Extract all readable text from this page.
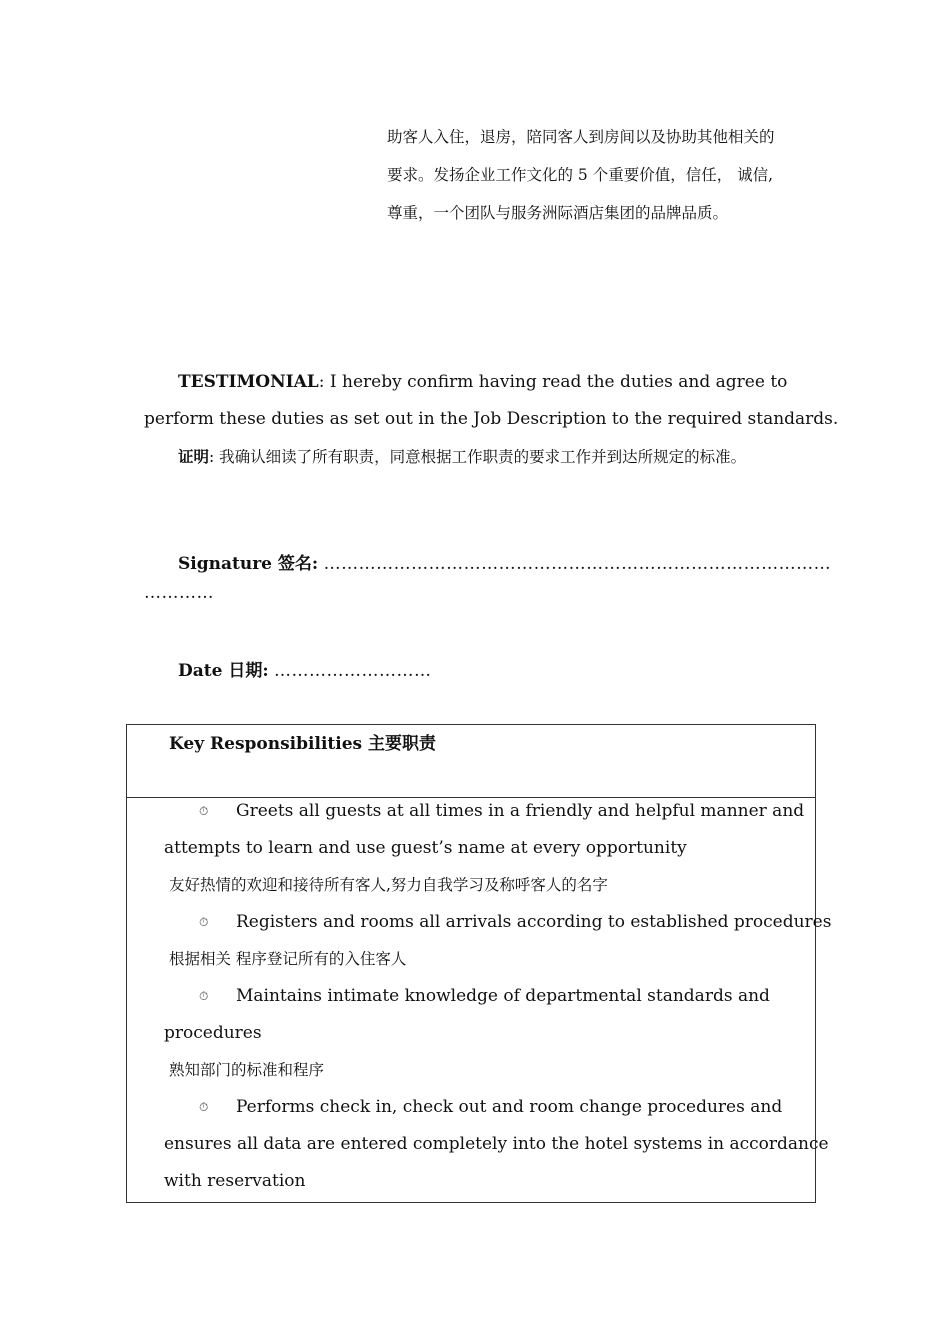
助客人入住，退房，陪同客人到房间以及协助其他相关的
要求。发扬企业工作文化的 5 个重要价值，信任， 诚信,
尊重，一个团队与服务洲际酒店集团的品牌品质。
TESTIMONIAL: I hereby confirm having read the duties and agree to
perform these duties as set out in the Job Description to the required standards.
证明: 我确认细读了所有职责，同意根据工作职责的要求工作并到达所规定的标准。
Signature 签名: ……………………………………………………………………………
…………
Date 日期: ………………………
Key Responsibilities 主要职责

⏱ Greets all guests at all times in a friendly and helpful manner and
attempts to learn and use guest’s name at every opportunity
友好热情的欢迎和接待所有客人,努力自我学习及称呼客人的名字
⏱ Registers and rooms all arrivals according to established procedures
根据相关 程序登记所有的入住客人
⏱ Maintains intimate knowledge of departmental standards and
procedures
熟知部门的标准和程序
⏱ Performs check in, check out and room change procedures and
ensures all data are entered completely into the hotel systems in accordance
with reservation
